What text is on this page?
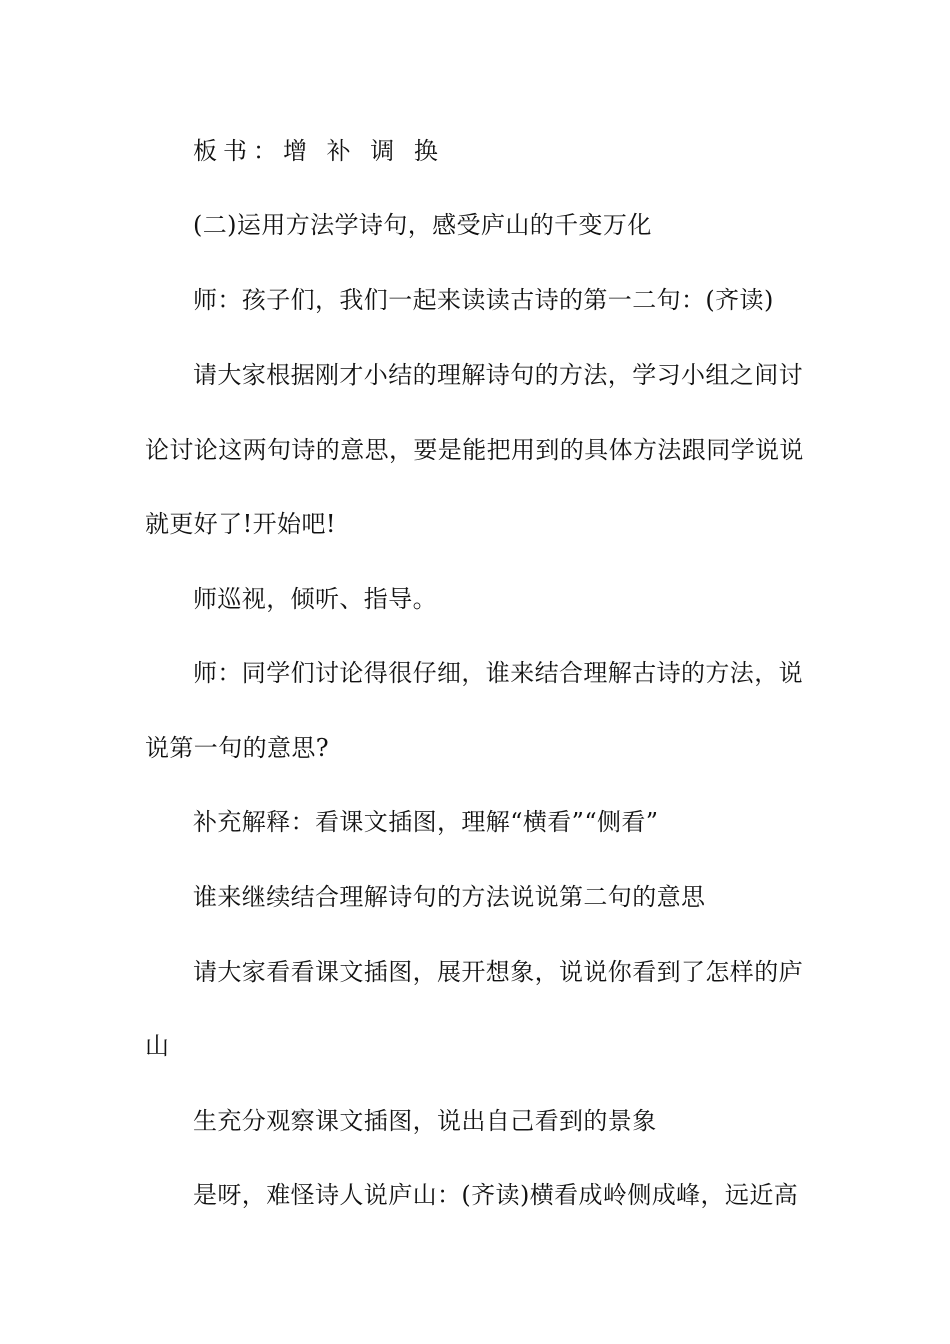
板书：增 补 调 换
(二)运用方法学诗句，感受庐山的千变万化
师：孩子们，我们一起来读读古诗的第一二句：(齐读)
请大家根据刚才小结的理解诗句的方法，学习小组之间讨
论讨论这两句诗的意思，要是能把用到的具体方法跟同学说说
就更好了!开始吧!
师巡视，倾听、指导。
师：同学们讨论得很仔细，谁来结合理解古诗的方法，说
说第一句的意思?
补充解释：看课文插图，理解“横看”“侧看”
谁来继续结合理解诗句的方法说说第二句的意思
请大家看看课文插图，展开想象，说说你看到了怎样的庐
山
生充分观察课文插图，说出自己看到的景象
是呀，难怪诗人说庐山：(齐读)横看成岭侧成峰，远近高
